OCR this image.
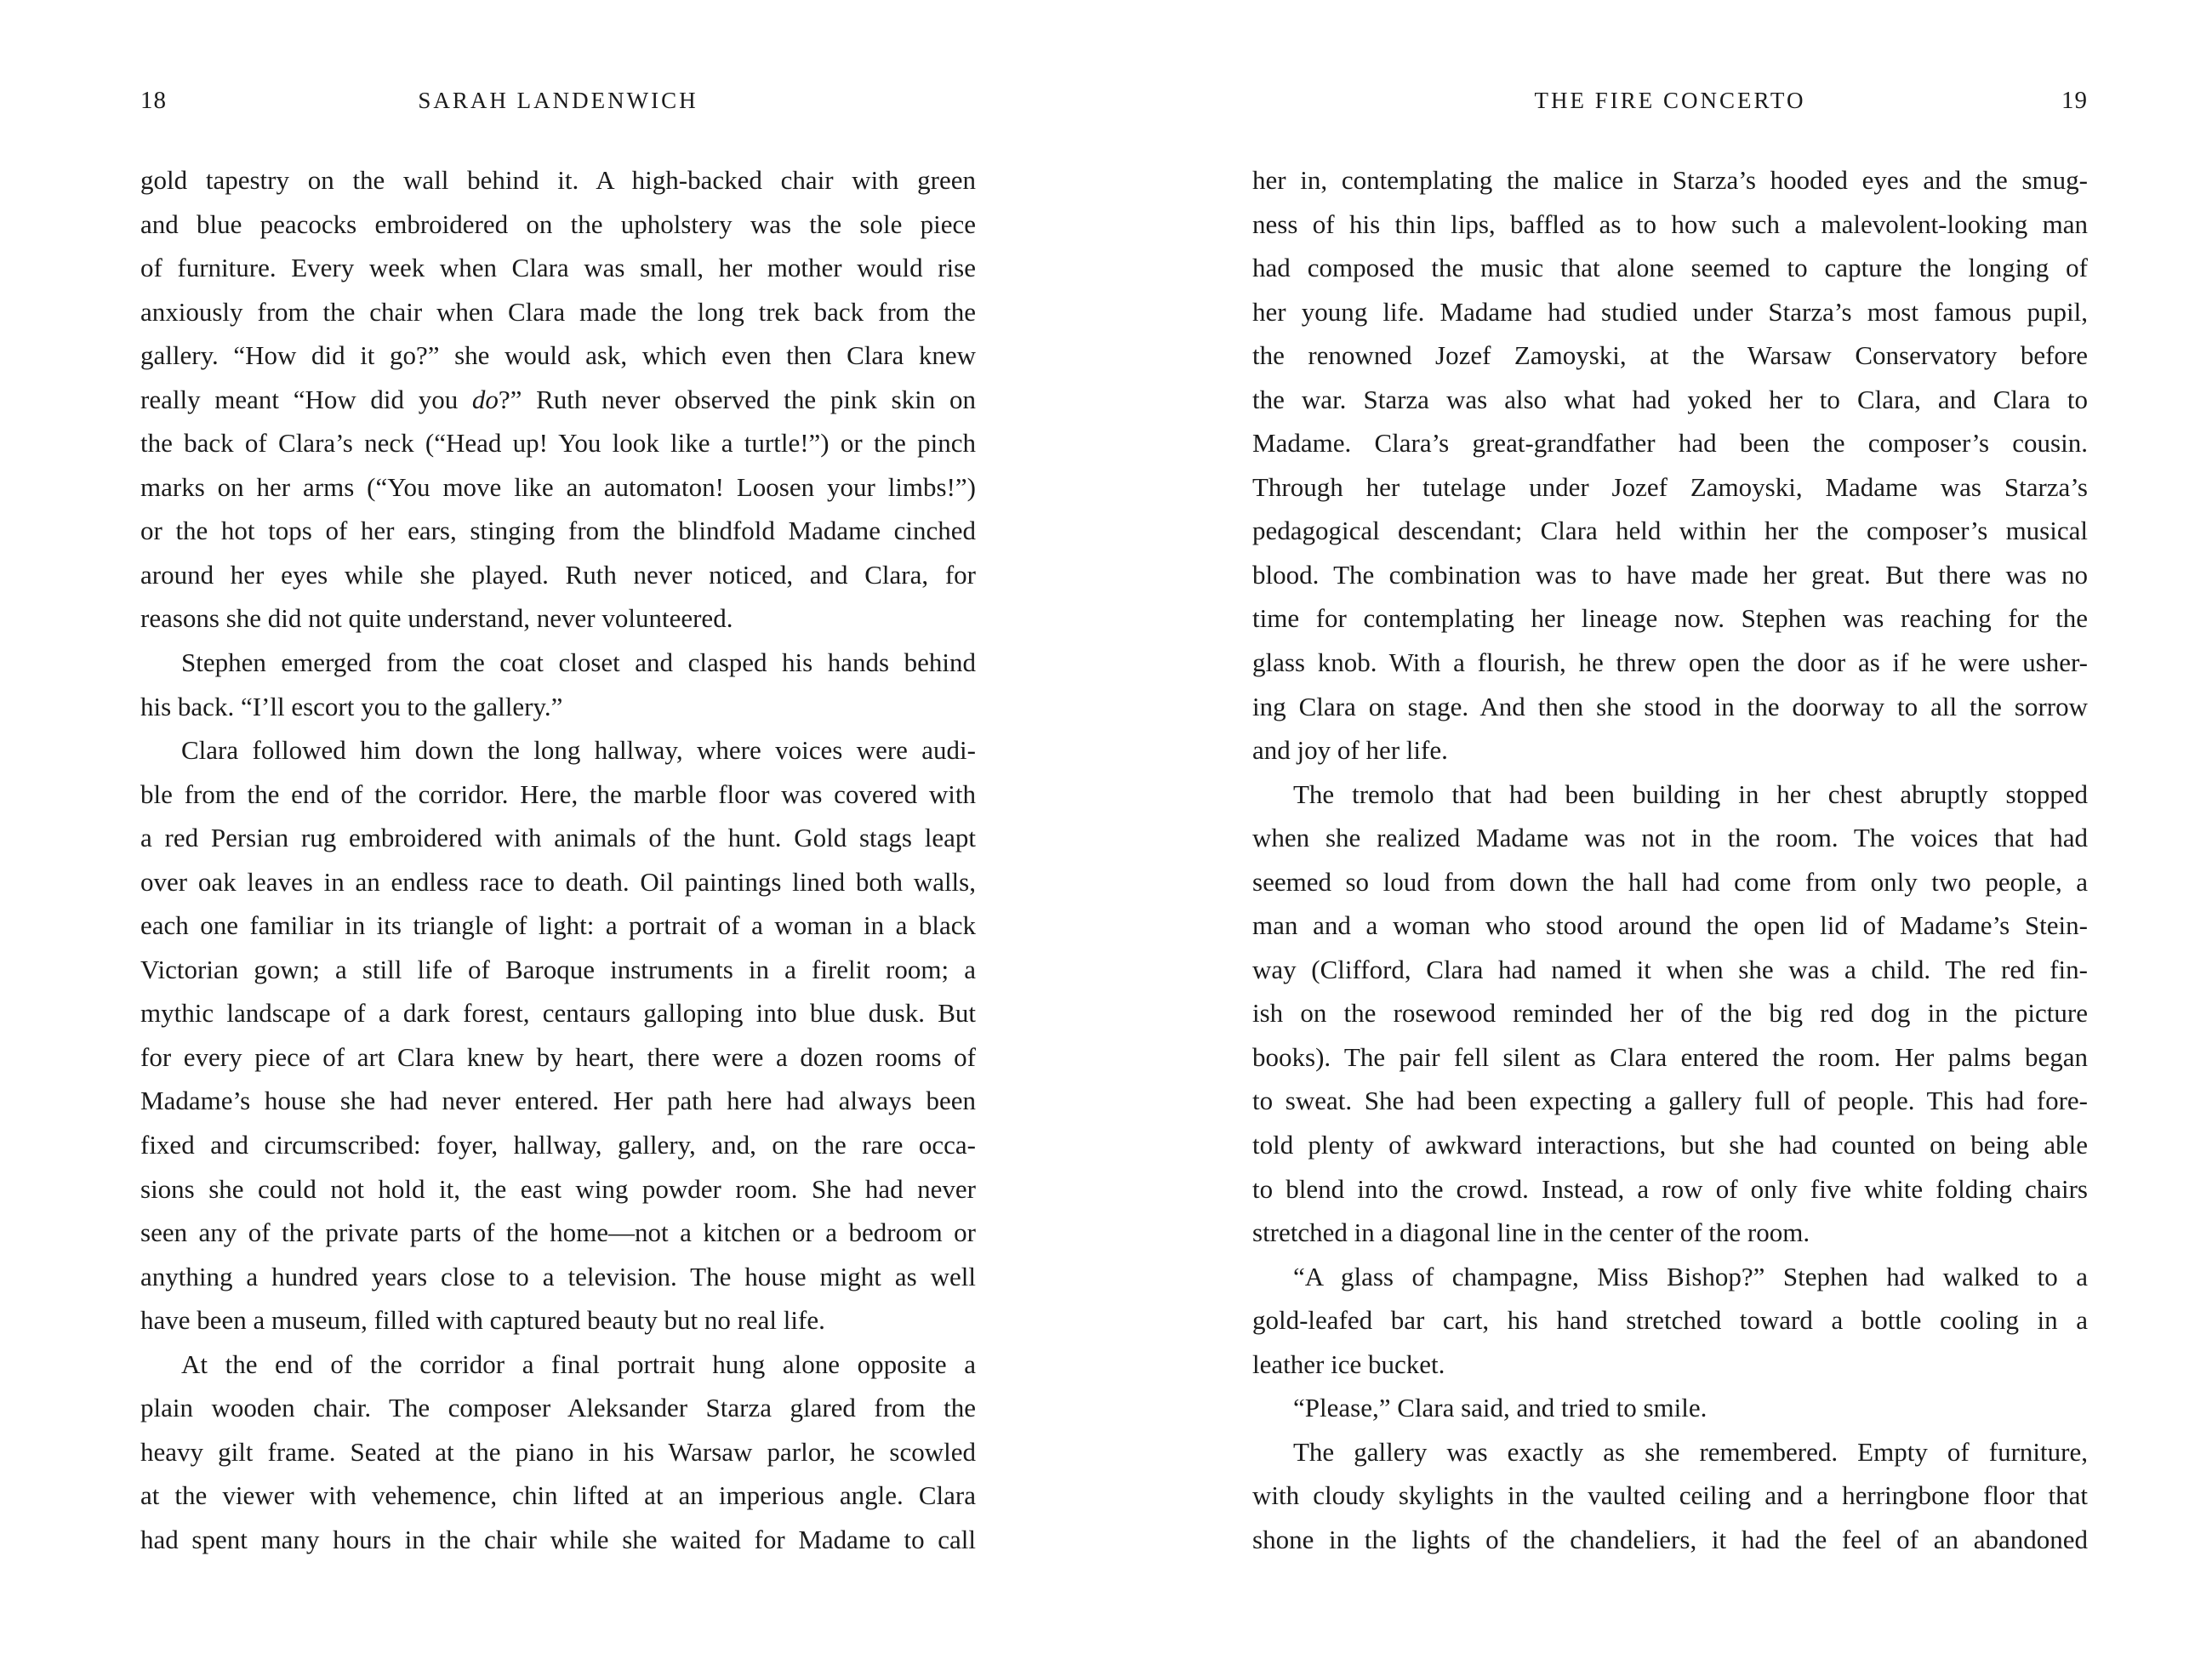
18	SARAH LANDENWICH
gold tapestry on the wall behind it. A high-backed chair with green
and blue peacocks embroidered on the upholstery was the sole piece
of furniture. Every week when Clara was small, her mother would rise
anxiously from the chair when Clara made the long trek back from the
gallery. “How did it go?” she would ask, which even then Clara knew
really meant “How did you do?” Ruth never observed the pink skin on
the back of Clara’s neck (“Head up! You look like a turtle!”) or the pinch
marks on her arms (“You move like an automaton! Loosen your limbs!”)
or the hot tops of her ears, stinging from the blindfold Madame cinched
around her eyes while she played. Ruth never noticed, and Clara, for
reasons she did not quite understand, never volunteered.
Stephen emerged from the coat closet and clasped his hands behind
his back. “I’ll escort you to the gallery.”
Clara followed him down the long hallway, where voices were audi-
ble from the end of the corridor. Here, the marble floor was covered with
a red Persian rug embroidered with animals of the hunt. Gold stags leapt
over oak leaves in an endless race to death. Oil paintings lined both walls,
each one familiar in its triangle of light: a portrait of a woman in a black
Victorian gown; a still life of Baroque instruments in a firelit room; a
mythic landscape of a dark forest, centaurs galloping into blue dusk. But
for every piece of art Clara knew by heart, there were a dozen rooms of
Madame’s house she had never entered. Her path here had always been
fixed and circumscribed: foyer, hallway, gallery, and, on the rare occa-
sions she could not hold it, the east wing powder room. She had never
seen any of the private parts of the home—not a kitchen or a bedroom or
anything a hundred years close to a television. The house might as well
have been a museum, filled with captured beauty but no real life.
At the end of the corridor a final portrait hung alone opposite a
plain wooden chair. The composer Aleksander Starza glared from the
heavy gilt frame. Seated at the piano in his Warsaw parlor, he scowled
at the viewer with vehemence, chin lifted at an imperious angle. Clara
had spent many hours in the chair while she waited for Madame to call
THE FIRE CONCERTO	19
her in, contemplating the malice in Starza’s hooded eyes and the smug-
ness of his thin lips, baffled as to how such a malevolent-looking man
had composed the music that alone seemed to capture the longing of
her young life. Madame had studied under Starza’s most famous pupil,
the renowned Jozef Zamoyski, at the Warsaw Conservatory before
the war. Starza was also what had yoked her to Clara, and Clara to
Madame. Clara’s great-grandfather had been the composer’s cousin.
Through her tutelage under Jozef Zamoyski, Madame was Starza’s
pedagogical descendant; Clara held within her the composer’s musical
blood. The combination was to have made her great. But there was no
time for contemplating her lineage now. Stephen was reaching for the
glass knob. With a flourish, he threw open the door as if he were usher-
ing Clara on stage. And then she stood in the doorway to all the sorrow
and joy of her life.
The tremolo that had been building in her chest abruptly stopped
when she realized Madame was not in the room. The voices that had
seemed so loud from down the hall had come from only two people, a
man and a woman who stood around the open lid of Madame’s Stein-
way (Clifford, Clara had named it when she was a child. The red fin-
ish on the rosewood reminded her of the big red dog in the picture
books). The pair fell silent as Clara entered the room. Her palms began
to sweat. She had been expecting a gallery full of people. This had fore-
told plenty of awkward interactions, but she had counted on being able
to blend into the crowd. Instead, a row of only five white folding chairs
stretched in a diagonal line in the center of the room.
“A glass of champagne, Miss Bishop?” Stephen had walked to a
gold-leafed bar cart, his hand stretched toward a bottle cooling in a
leather ice bucket.
“Please,” Clara said, and tried to smile.
The gallery was exactly as she remembered. Empty of furniture,
with cloudy skylights in the vaulted ceiling and a herringbone floor that
shone in the lights of the chandeliers, it had the feel of an abandoned
